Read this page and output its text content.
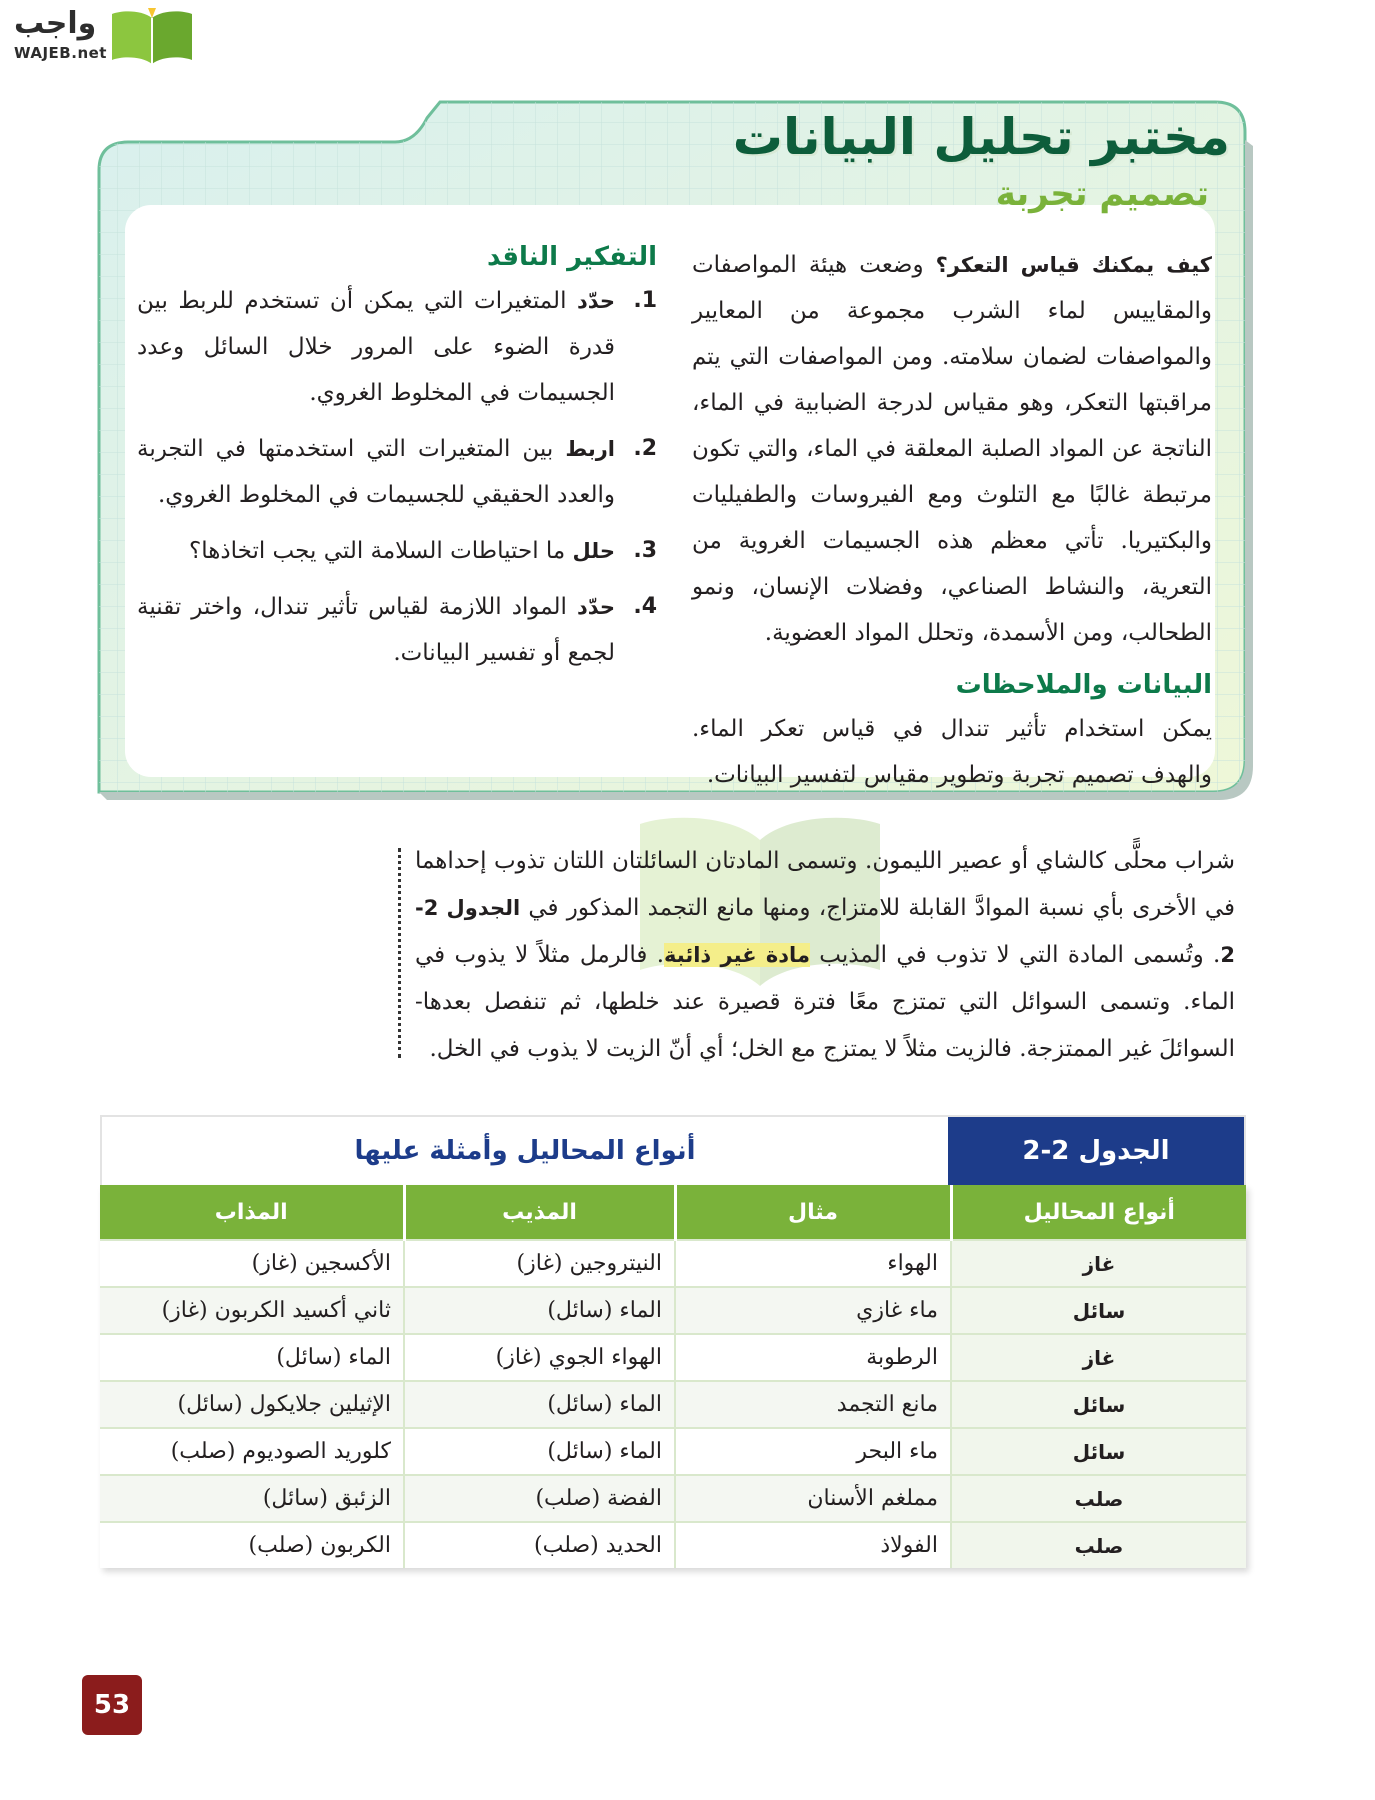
واجب
WAJEB.net
مختبر تحليل البيانات
تصميم تجربة

كيف يمكنك قياس التعكر؟ وضعت هيئة المواصفات والمقاييس لماء الشرب مجموعة من المعايير والمواصفات لضمان سلامته. ومن المواصفات التي يتم مراقبتها التعكر، وهو مقياس لدرجة الضبابية في الماء، الناتجة عن المواد الصلبة المعلقة في الماء، والتي تكون مرتبطة غالبًا مع التلوث ومع الفيروسات والطفيليات والبكتيريا. تأتي معظم هذه الجسيمات الغروية من التعرية، والنشاط الصناعي، وفضلات الإنسان، ونمو الطحالب، ومن الأسمدة، وتحلل المواد العضوية.

البيانات والملاحظات

يمكن استخدام تأثير تندال في قياس تعكر الماء. والهدف تصميم تجربة وتطوير مقياس لتفسير البيانات.

التفكير الناقد
1.
حدّد المتغيرات التي يمكن أن تستخدم للربط بين قدرة الضوء على المرور خلال السائل وعدد الجسيمات في المخلوط الغروي.
2.
اربط بين المتغيرات التي استخدمتها في التجربة والعدد الحقيقي للجسيمات في المخلوط الغروي.
3.
حلل ما احتياطات السلامة التي يجب اتخاذها؟
4.
حدّد المواد اللازمة لقياس تأثير تندال، واختر تقنية لجمع أو تفسير البيانات.
شراب محلًّى كالشاي أو عصير الليمون. وتسمى المادتان السائلتان اللتان تذوب إحداهما في الأخرى بأي نسبة الموادَّ القابلة للامتزاج، ومنها مانع التجمد المذكور في الجدول 2-2. وتُسمى المادة التي لا تذوب في المذيب مادة غير ذائبة. فالرمل مثلاً لا يذوب في الماء. وتسمى السوائل التي تمتزج معًا فترة قصيرة عند خلطها، ثم تنفصل بعدها- السوائلَ غير الممتزجة. فالزيت مثلاً لا يمتزج مع الخل؛ أي أنّ الزيت لا يذوب في الخل.
الجدول 2-2
أنواع المحاليل وأمثلة عليها
أنواع المحاليل	مثال	المذيب	المذاب
غاز	الهواء	النيتروجين (غاز)	الأكسجين (غاز)
سائل	ماء غازي	الماء (سائل)	ثاني أكسيد الكربون (غاز)
غاز	الرطوبة	الهواء الجوي (غاز)	الماء (سائل)
سائل	مانع التجمد	الماء (سائل)	الإثيلين جلايكول (سائل)
سائل	ماء البحر	الماء (سائل)	كلوريد الصوديوم (صلب)
صلب	مملغم الأسنان	الفضة (صلب)	الزئبق (سائل)
صلب	الفولاذ	الحديد (صلب)	الكربون (صلب)
53
